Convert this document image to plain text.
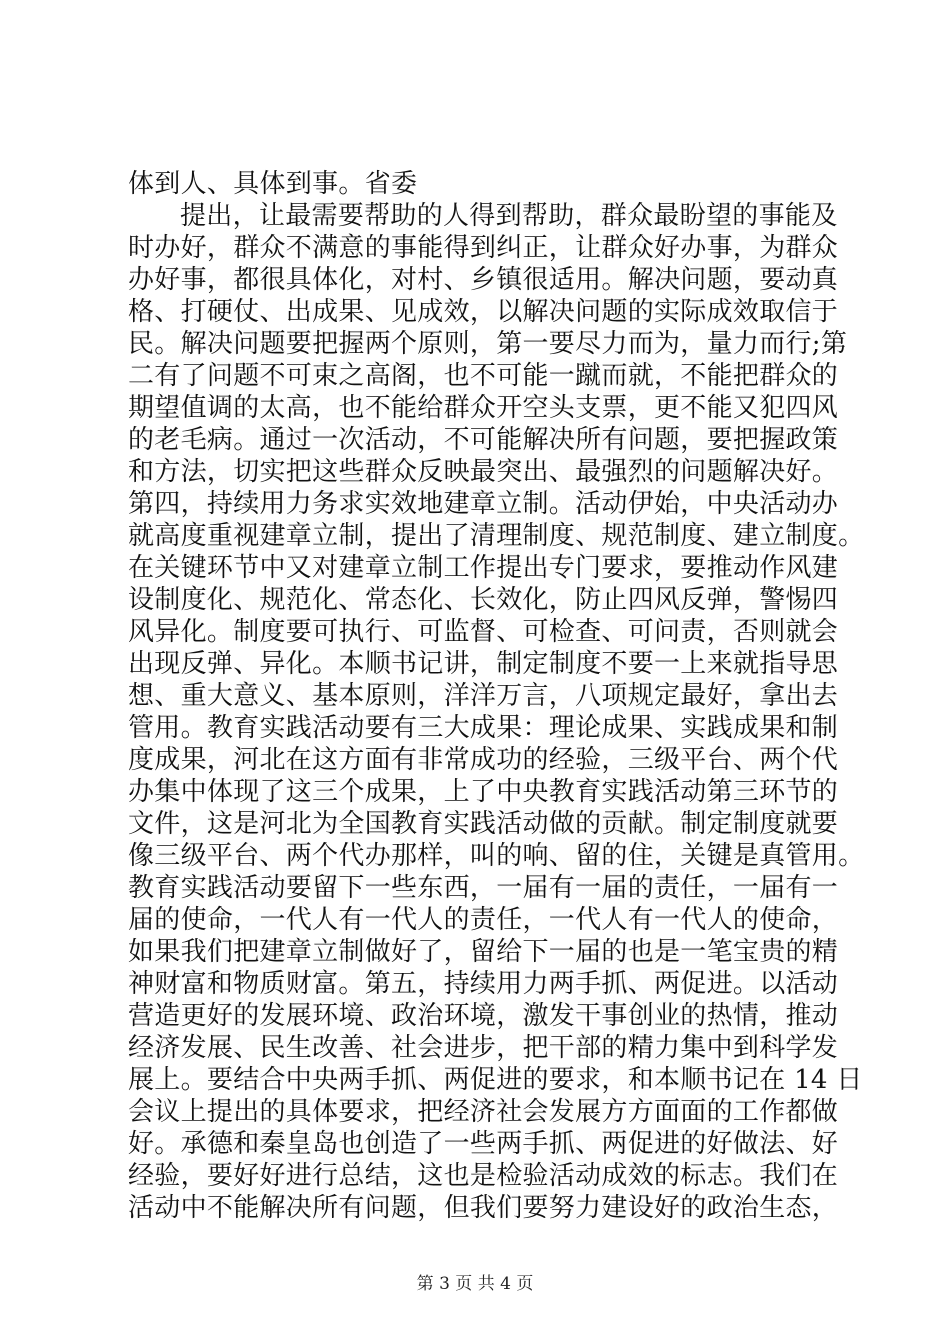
体到人、具体到事。省委
提出，让最需要帮助的人得到帮助，群众最盼望的事能及
时办好，群众不满意的事能得到纠正，让群众好办事，为群众
办好事，都很具体化，对村、乡镇很适用。解决问题，要动真
格、打硬仗、出成果、见成效，以解决问题的实际成效取信于
民。解决问题要把握两个原则，第一要尽力而为，量力而行;第
二有了问题不可束之高阁，也不可能一蹴而就，不能把群众的
期望值调的太高，也不能给群众开空头支票，更不能又犯四风
的老毛病。通过一次活动，不可能解决所有问题，要把握政策
和方法，切实把这些群众反映最突出、最强烈的问题解决好。
第四，持续用力务求实效地建章立制。活动伊始，中央活动办
就高度重视建章立制，提出了清理制度、规范制度、建立制度。
在关键环节中又对建章立制工作提出专门要求，要推动作风建
设制度化、规范化、常态化、长效化，防止四风反弹，警惕四
风异化。制度要可执行、可监督、可检查、可问责，否则就会
出现反弹、异化。本顺书记讲，制定制度不要一上来就指导思
想、重大意义、基本原则，洋洋万言，八项规定最好，拿出去
管用。教育实践活动要有三大成果：理论成果、实践成果和制
度成果，河北在这方面有非常成功的经验，三级平台、两个代
办集中体现了这三个成果，上了中央教育实践活动第三环节的
文件，这是河北为全国教育实践活动做的贡献。制定制度就要
像三级平台、两个代办那样，叫的响、留的住，关键是真管用。
教育实践活动要留下一些东西，一届有一届的责任，一届有一
届的使命，一代人有一代人的责任，一代人有一代人的使命，
如果我们把建章立制做好了，留给下一届的也是一笔宝贵的精
神财富和物质财富。第五，持续用力两手抓、两促进。以活动
营造更好的发展环境、政治环境，激发干事创业的热情，推动
经济发展、民生改善、社会进步，把干部的精力集中到科学发
展上。要结合中央两手抓、两促进的要求，和本顺书记在 14 日
会议上提出的具体要求，把经济社会发展方方面面的工作都做
好。承德和秦皇岛也创造了一些两手抓、两促进的好做法、好
经验，要好好进行总结，这也是检验活动成效的标志。我们在
活动中不能解决所有问题，但我们要努力建设好的政治生态，
第 3 页 共 4 页
